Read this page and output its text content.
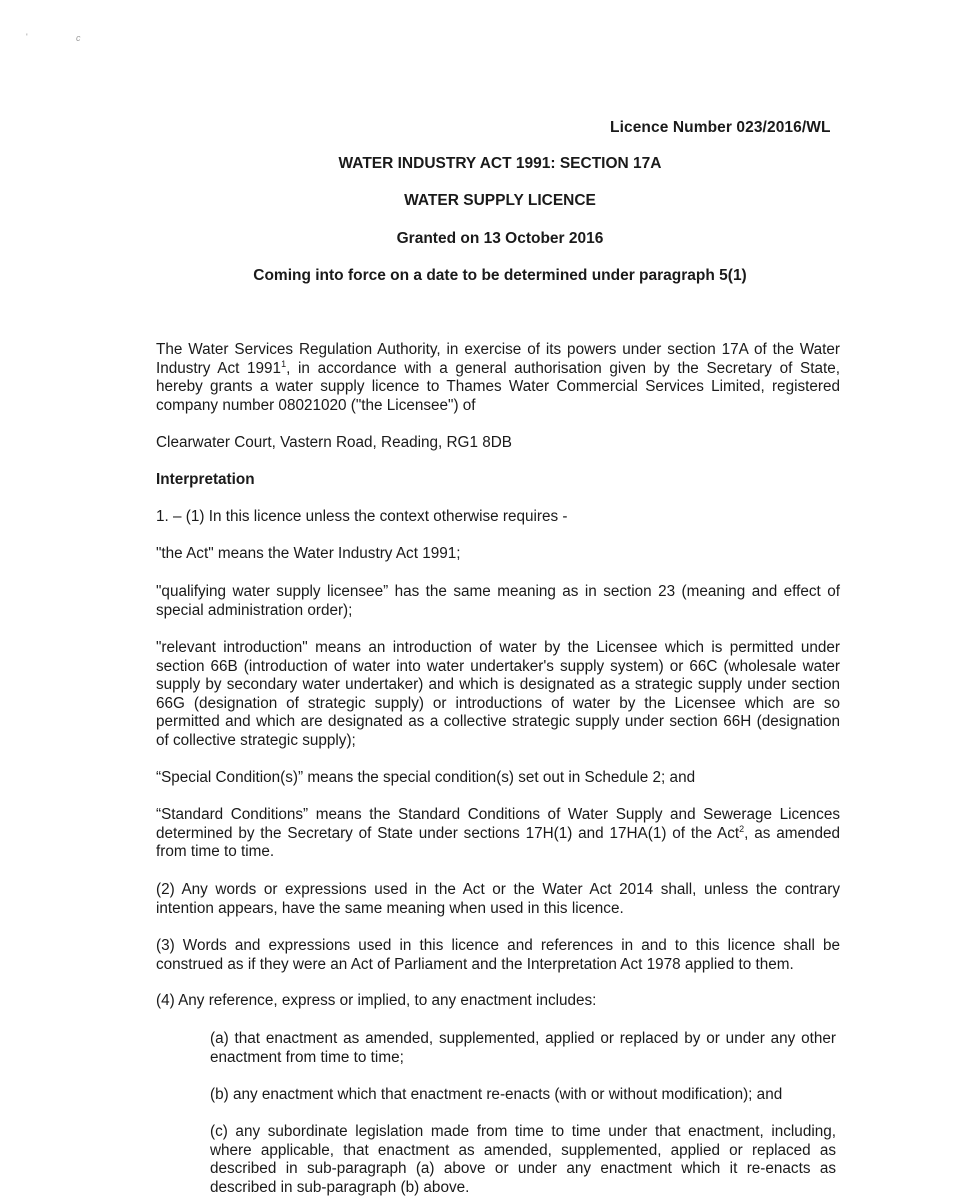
'	c
Licence Number 023/2016/WL
WATER INDUSTRY ACT 1991: SECTION 17A
WATER SUPPLY LICENCE
Granted on 13 October 2016
Coming into force on a date to be determined under paragraph 5(1)
The Water Services Regulation Authority, in exercise of its powers under section 17A of the Water Industry Act 1991$^1$, in accordance with a general authorisation given by the Secretary of State, hereby grants a water supply licence to Thames Water Commercial Services Limited, registered company number 08021020 ("the Licensee") of
Clearwater Court, Vastern Road, Reading, RG1 8DB
Interpretation
1. – (1) In this licence unless the context otherwise requires -
"the Act" means the Water Industry Act 1991;
"qualifying water supply licensee” has the same meaning as in section 23 (meaning and effect of special administration order);
"relevant introduction" means an introduction of water by the Licensee which is permitted under section 66B (introduction of water into water undertaker's supply system) or 66C (wholesale water supply by secondary water undertaker) and which is designated as a strategic supply under section 66G (designation of strategic supply) or introductions of water by the Licensee which are so permitted and which are designated as a collective strategic supply under section 66H (designation of collective strategic supply);
“Special Condition(s)” means the special condition(s) set out in Schedule 2; and
“Standard Conditions” means the Standard Conditions of Water Supply and Sewerage Licences determined by the Secretary of State under sections 17H(1) and 17HA(1) of the Act$^2$, as amended from time to time.
(2) Any words or expressions used in the Act or the Water Act 2014 shall, unless the contrary intention appears, have the same meaning when used in this licence.
(3) Words and expressions used in this licence and references in and to this licence shall be construed as if they were an Act of Parliament and the Interpretation Act 1978 applied to them.
(4) Any reference, express or implied, to any enactment includes:
(a) that enactment as amended, supplemented, applied or replaced by or under any other enactment from time to time;
(b) any enactment which that enactment re-enacts (with or without modification); and
(c) any subordinate legislation made from time to time under that enactment, including, where applicable, that enactment as amended, supplemented, applied or replaced as described in sub-paragraph (a) above or under any enactment which it re-enacts as described in sub-paragraph (b) above.
